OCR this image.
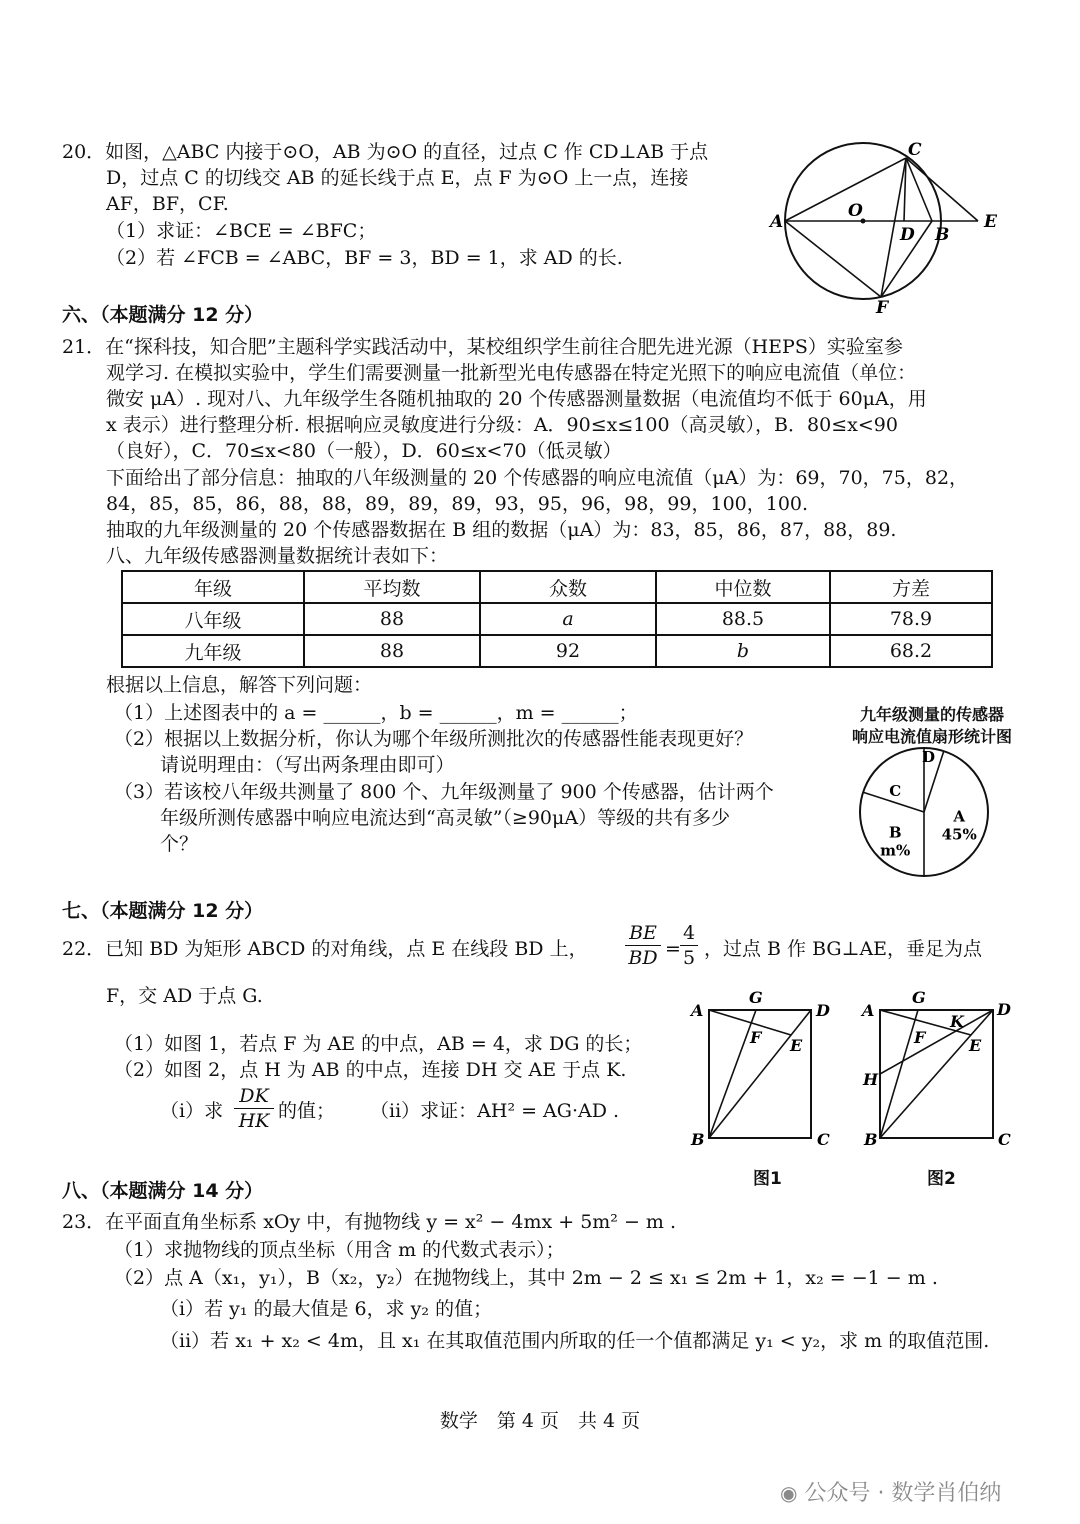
20．如图，△ABC 内接于⊙O，AB 为⊙O 的直径，过点 C 作 CD⊥AB 于点
D，过点 C 的切线交 AB 的延长线于点 E，点 F 为⊙O 上一点，连接
AF，BF，CF.
（1）求证：∠BCE = ∠BFC；
（2）若 ∠FCB = ∠ABC，BF = 3，BD = 1，求 AD 的长.
A
C
O
D B
E
F
六、（本题满分 12 分）
21．在“探科技，知合肥”主题科学实践活动中，某校组织学生前往合肥先进光源（HEPS）实验室参
观学习. 在模拟实验中，学生们需要测量一批新型光电传感器在特定光照下的响应电流值（单位：
微安 μA）. 现对八、九年级学生各随机抽取的 20 个传感器测量数据（电流值均不低于 60μA，用
x 表示）进行整理分析. 根据响应灵敏度进行分级：A．90≤x≤100（高灵敏），B．80≤x<90
（良好），C．70≤x<80（一般），D．60≤x<70（低灵敏）
下面给出了部分信息：抽取的八年级测量的 20 个传感器的响应电流值（μA）为：69，70，75，82，
84，85，85，86，88，88，89，89，89，93，95，96，98，99，100，100.
抽取的九年级测量的 20 个传感器数据在 B 组的数据（μA）为：83，85，86，87，88，89.
八、九年级传感器测量数据统计表如下：
年级	平均数	众数	中位数	方差
八年级	88	a	88.5	78.9
九年级	88	92	b	68.2
根据以上信息，解答下列问题：
（1）上述图表中的 a = ______，b = ______，m = ______；
（2）根据以上数据分析，你认为哪个年级所测批次的传感器性能表现更好？
请说明理由：（写出两条理由即可）
（3）若该校八年级共测量了 800 个、九年级测量了 900 个传感器，估计两个
年级所测传感器中响应电流达到“高灵敏”（≥90μA）等级的共有多少
个？
九年级测量的传感器
响应电流值扇形统计图
D
A
45%
B
m%
C
七、（本题满分 12 分）
22．已知 BD 为矩形 ABCD 的对角线，点 E 在线段 BD 上，
BE
BD =
4
5 ，过点 B 作 BG⊥AE，垂足为点
F，交 AD 于点 G.
（1）如图 1，若点 F 为 AE 的中点，AB = 4，求 DG 的长；
（2）如图 2，点 H 为 AB 的中点，连接 DH 交 AE 于点 K.
（i）求
DK
HK 的值； （ii）求证：AH² = AG·AD .
A
G
D
F E
B	C
图1
A
G
D
K
F	E
H
B	C
图2
八、（本题满分 14 分）
23．在平面直角坐标系 xOy 中，有抛物线 y = x² − 4mx + 5m² − m .
（1）求抛物线的顶点坐标（用含 m 的代数式表示）；
（2）点 A（x₁，y₁），B（x₂，y₂）在抛物线上，其中 2m − 2 ≤ x₁ ≤ 2m + 1，x₂ = −1 − m .
（i）若 y₁ 的最大值是 6，求 y₂ 的值；
（ii）若 x₁ + x₂ < 4m，且 x₁ 在其取值范围内所取的任一个值都满足 y₁ < y₂，求 m 的取值范围.
数学　第 4 页　共 4 页
◉ 公众号 · 数学肖伯纳
